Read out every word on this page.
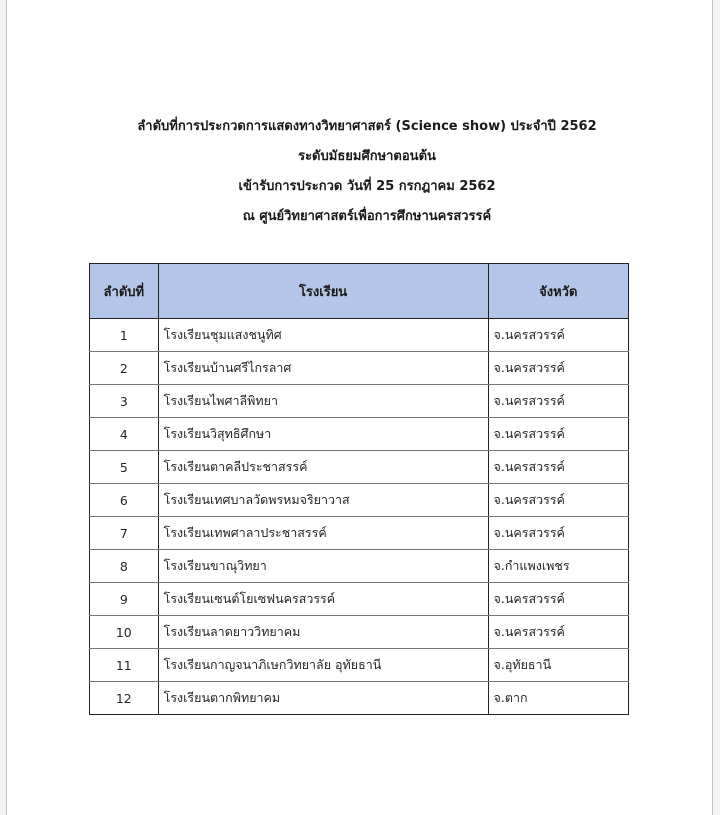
ลำดับที่การประกวดการแสดงทางวิทยาศาสตร์ (Science show) ประจำปี 2562
ระดับมัธยมศึกษาตอนต้น
เข้ารับการประกวด วันที่ 25 กรกฎาคม 2562
ณ ศูนย์วิทยาศาสตร์เพื่อการศึกษานครสวรรค์
ลำดับที่	โรงเรียน	จังหวัด
1	โรงเรียนชุมแสงชนูทิศ	จ.นครสวรรค์
2	โรงเรียนบ้านศรีไกรลาศ	จ.นครสวรรค์
3	โรงเรียนไพศาลีพิทยา	จ.นครสวรรค์
4	โรงเรียนวิสุทธิศึกษา	จ.นครสวรรค์
5	โรงเรียนตาคลีประชาสรรค์	จ.นครสวรรค์
6	โรงเรียนเทศบาลวัดพรหมจริยาวาส	จ.นครสวรรค์
7	โรงเรียนเทพศาลาประชาสรรค์	จ.นครสวรรค์
8	โรงเรียนขาณุวิทยา	จ.กำแพงเพชร
9	โรงเรียนเซนต์โยเซฟนครสวรรค์	จ.นครสวรรค์
10	โรงเรียนลาดยาววิทยาคม	จ.นครสวรรค์
11	โรงเรียนกาญจนาภิเษกวิทยาลัย อุทัยธานี	จ.อุทัยธานี
12	โรงเรียนตากพิทยาคม	จ.ตาก
